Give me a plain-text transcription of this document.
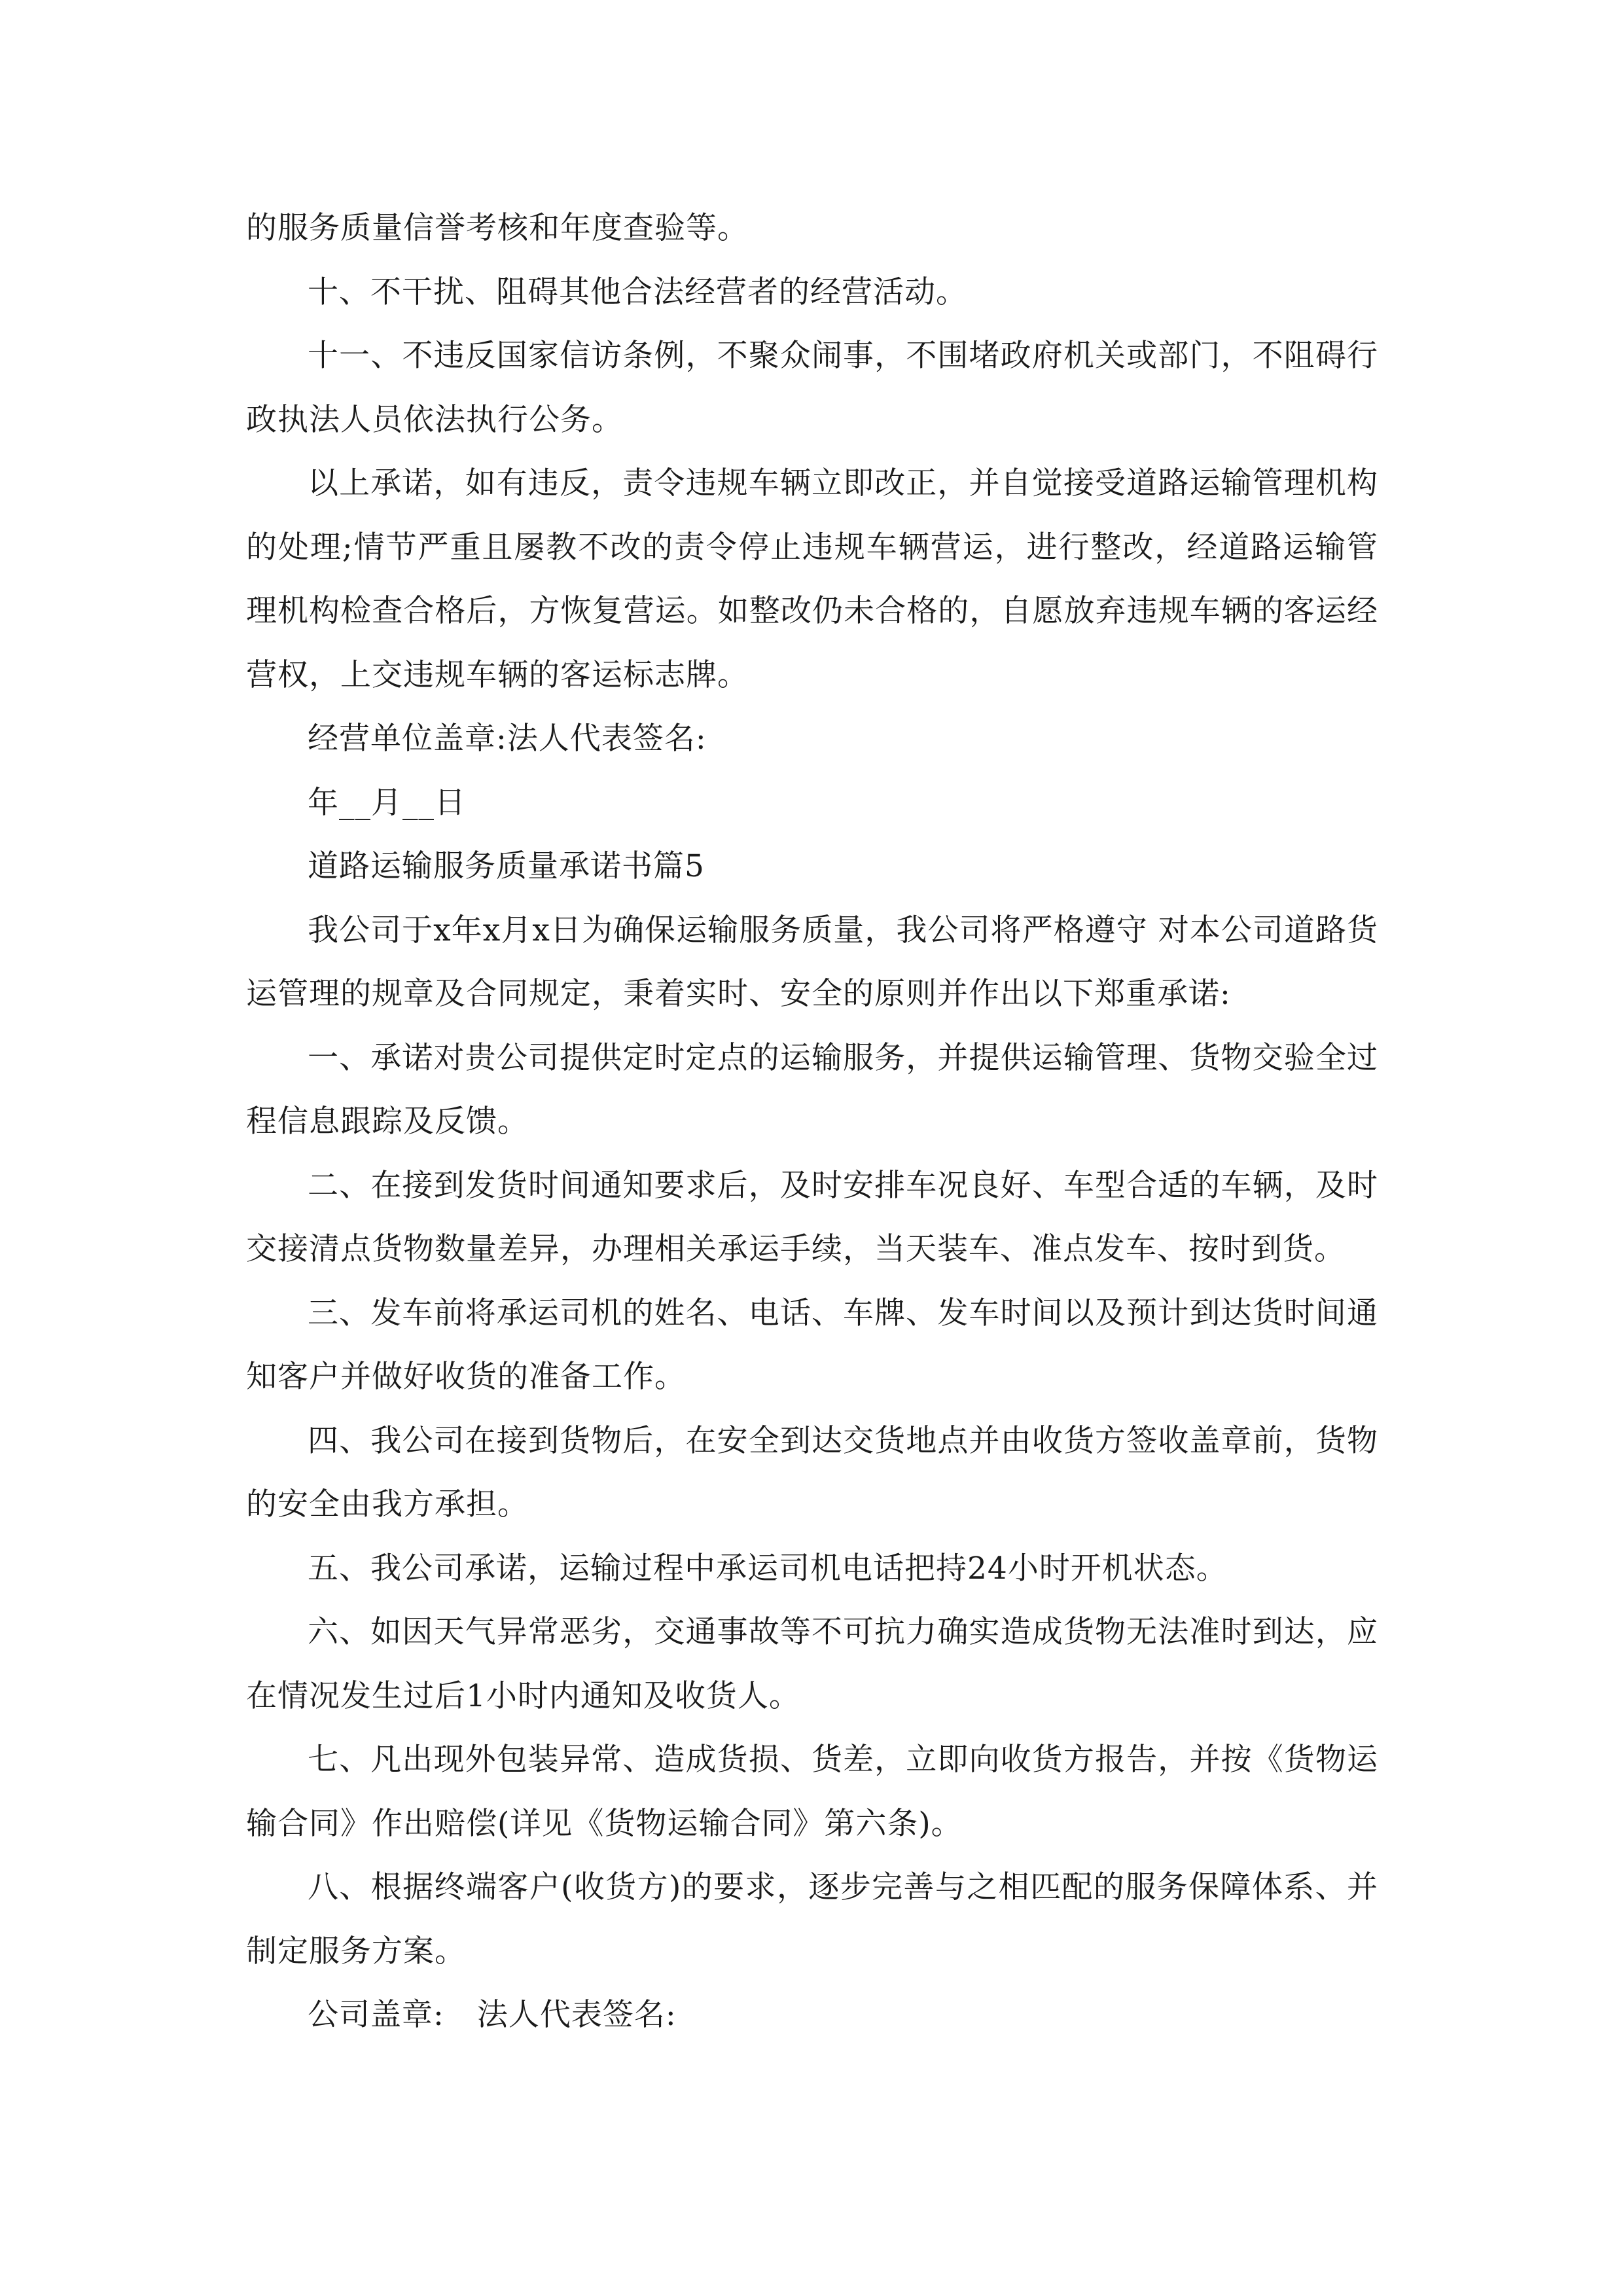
的服务质量信誉考核和年度查验等。

十、不干扰、阻碍其他合法经营者的经营活动。

十一、不违反国家信访条例，不聚众闹事，不围堵政府机关或部门，不阻碍行政执法人员依法执行公务。

以上承诺，如有违反，责令违规车辆立即改正，并自觉接受道路运输管理机构的处理;情节严重且屡教不改的责令停止违规车辆营运，进行整改，经道路运输管理机构检查合格后，方恢复营运。如整改仍未合格的，自愿放弃违规车辆的客运经营权，上交违规车辆的客运标志牌。

经营单位盖章:法人代表签名:

年__月__日

道路运输服务质量承诺书篇5

我公司于x年x月x日为确保运输服务质量，我公司将严格遵守 对本公司道路货运管理的规章及合同规定，秉着实时、安全的原则并作出以下郑重承诺:

一、承诺对贵公司提供定时定点的运输服务，并提供运输管理、货物交验全过程信息跟踪及反馈。

二、在接到发货时间通知要求后，及时安排车况良好、车型合适的车辆，及时交接清点货物数量差异，办理相关承运手续，当天装车、准点发车、按时到货。

三、发车前将承运司机的姓名、电话、车牌、发车时间以及预计到达货时间通知客户并做好收货的准备工作。

四、我公司在接到货物后，在安全到达交货地点并由收货方签收盖章前，货物的安全由我方承担。

五、我公司承诺，运输过程中承运司机电话把持24小时开机状态。

六、如因天气异常恶劣，交通事故等不可抗力确实造成货物无法准时到达，应在情况发生过后1小时内通知及收货人。

七、凡出现外包装异常、造成货损、货差，立即向收货方报告，并按《货物运输合同》作出赔偿(详见《货物运输合同》第六条)。

八、根据终端客户(收货方)的要求，逐步完善与之相匹配的服务保障体系、并制定服务方案。

公司盖章: 法人代表签名:
